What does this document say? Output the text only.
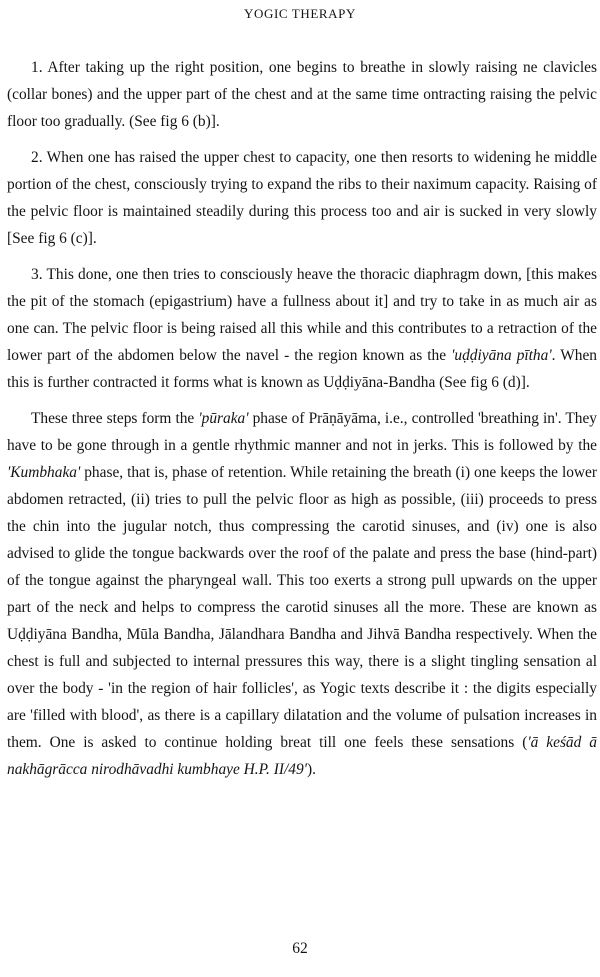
YOGIC THERAPY

1. After taking up the right position, one begins to breathe in slowly raising ne clavicles (collar bones) and the upper part of the chest and at the same time ontracting raising the pelvic floor too gradually. (See fig 6 (b)].

2. When one has raised the upper chest to capacity, one then resorts to widening he middle portion of the chest, consciously trying to expand the ribs to their naximum capacity. Raising of the pelvic floor is maintained steadily during this process too and air is sucked in very slowly [See fig 6 (c)].

3. This done, one then tries to consciously heave the thoracic diaphragm down, [this makes the pit of the stomach (epigastrium) have a fullness about it] and try to take in as much air as one can. The pelvic floor is being raised all this while and this contributes to a retraction of the lower part of the abdomen below the navel - the region known as the 'uḍḍiyāna pītha'. When this is further contracted it forms what is known as Uḍḍiyāna-Bandha (See fig 6 (d)].

These three steps form the 'pūraka' phase of Prāṇāyāma, i.e., controlled 'breathing in'. They have to be gone through in a gentle rhythmic manner and not in jerks. This is followed by the 'Kumbhaka' phase, that is, phase of retention. While retaining the breath (i) one keeps the lower abdomen retracted, (ii) tries to pull the pelvic floor as high as possible, (iii) proceeds to press the chin into the jugular notch, thus compressing the carotid sinuses, and (iv) one is also advised to glide the tongue backwards over the roof of the palate and press the base (hind-part) of the tongue against the pharyngeal wall. This too exerts a strong pull upwards on the upper part of the neck and helps to compress the carotid sinuses all the more. These are known as Uḍḍiyāna Bandha, Mūla Bandha, Jālandhara Bandha and Jihvā Bandha respectively. When the chest is full and subjected to internal pressures this way, there is a slight tingling sensation al over the body - 'in the region of hair follicles', as Yogic texts describe it : the digits especially are 'filled with blood', as there is a capillary dilatation and the volume of pulsation increases in them. One is asked to continue holding breat till one feels these sensations ('ā keśād ā nakhāgrācca nirodhāvadhi kumbhaye H.P. II/49').

62
